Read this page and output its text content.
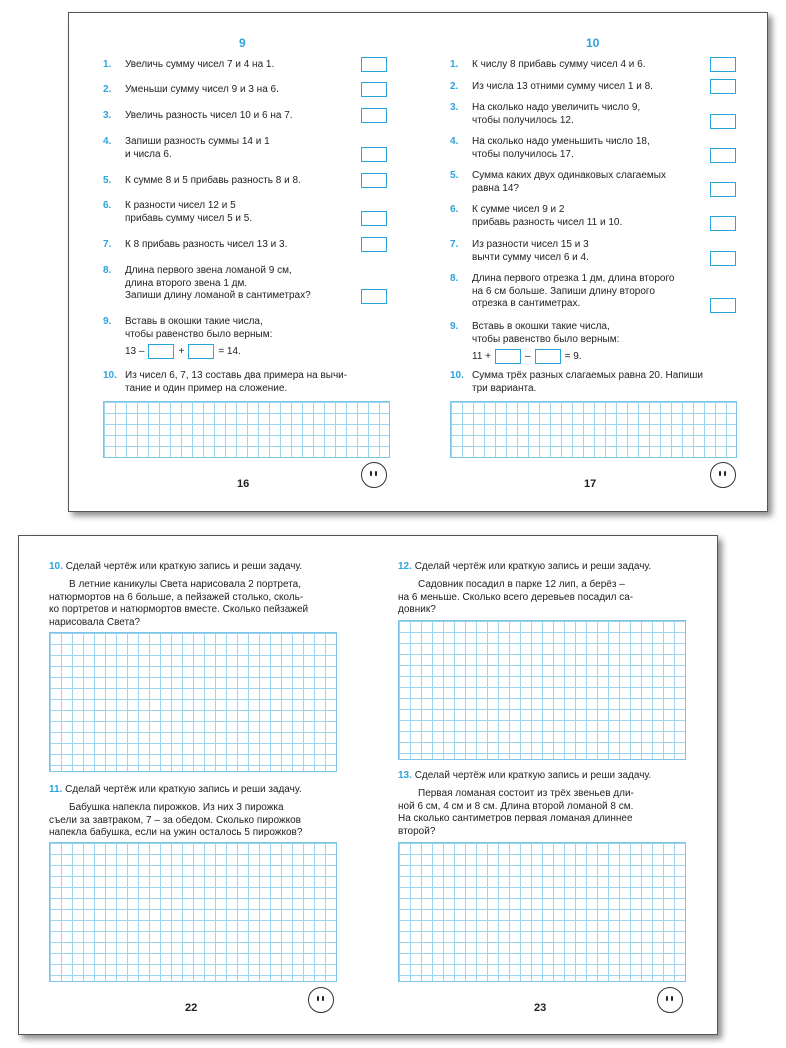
9
1. Увеличь сумму чисел 7 и 4 на 1.
2. Уменьши сумму чисел 9 и 3 на 6.
3. Увеличь разность чисел 10 и 6 на 7.
4. Запиши разность суммы 14 и 1
и числа 6.
5. К сумме 8 и 5 прибавь разность 8 и 8.
6. К разности чисел 12 и 5
прибавь сумму чисел 5 и 5.
7. К 8 прибавь разность чисел 13 и 3.
8. Длина первого звена ломаной 9 см,
длина второго звена 1 дм.
Запиши длину ломаной в сантиметрах?
9. Вставь в окошки такие числа,
чтобы равенство было верным:
13 –	+	= 14.
10. Из чисел 6, 7, 13 составь два примера на вычи-
тание и один пример на сложение.
16
10
1. К числу 8 прибавь сумму чисел 4 и 6.
2. Из числа 13 отними сумму чисел 1 и 8.
3. На сколько надо увеличить число 9,
чтобы получилось 12.
4. На сколько надо уменьшить число 18,
чтобы получилось 17.
5. Сумма каких двух одинаковых слагаемых
равна 14?
6. К сумме чисел 9 и 2
прибавь разность чисел 11 и 10.
7. Из разности чисел 15 и 3
вычти сумму чисел 6 и 4.
8. Длина первого отрезка 1 дм, длина второго
на 6 см больше. Запиши длину второго
отрезка в сантиметрах.
9. Вставь в окошки такие числа,
чтобы равенство было верным:
11 +	–	= 9.
10. Сумма трёх разных слагаемых равна 20. Напиши
три варианта.
17
10. Сделай чертёж или краткую запись и реши задачу.
В летние каникулы Света нарисовала 2 портрета,
натюрмортов на 6 больше, а пейзажей столько, сколь-
ко портретов и натюрмортов вместе. Сколько пейзажей
нарисовала Света?
11. Сделай чертёж или краткую запись и реши задачу.
Бабушка напекла пирожков. Из них 3 пирожка
съели за завтраком, 7 – за обедом. Сколько пирожков
напекла бабушка, если на ужин осталось 5 пирожков?
22
12. Сделай чертёж или краткую запись и реши задачу.
Садовник посадил в парке 12 лип, а берёз –
на 6 меньше. Сколько всего деревьев посадил са-
довник?
13. Сделай чертёж или краткую запись и реши задачу.
Первая ломаная состоит из трёх звеньев дли-
ной 6 см, 4 см и 8 см. Длина второй ломаной 8 см.
На сколько сантиметров первая ломаная длиннее
второй?
23
